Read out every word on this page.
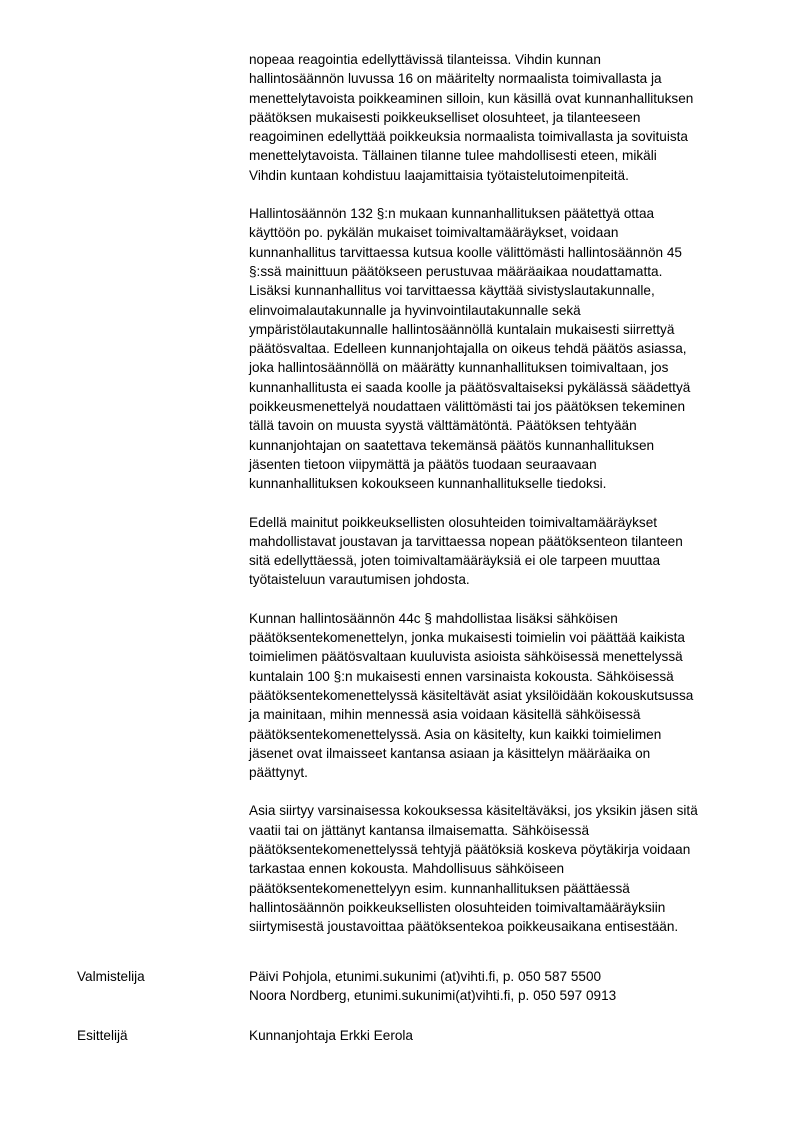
nopeaa reagointia edellyttävissä tilanteissa. Vihdin kunnan
hallintosäännön luvussa 16 on määritelty normaalista toimivallasta ja
menettelytavoista poikkeaminen silloin, kun käsillä ovat kunnanhallituksen
päätöksen mukaisesti poikkeukselliset olosuhteet, ja tilanteeseen
reagoiminen edellyttää poikkeuksia normaalista toimivallasta ja sovituista
menettelytavoista. Tällainen tilanne tulee mahdollisesti eteen, mikäli
Vihdin kuntaan kohdistuu laajamittaisia työtaistelutoimenpiteitä.
Hallintosäännön 132 §:n mukaan kunnanhallituksen päätettyä ottaa
käyttöön po. pykälän mukaiset toimivaltamääräykset, voidaan
kunnanhallitus tarvittaessa kutsua koolle välittömästi hallintosäännön 45
§:ssä mainittuun päätökseen perustuvaa määräaikaa noudattamatta.
Lisäksi kunnanhallitus voi tarvittaessa käyttää sivistyslautakunnalle,
elinvoimalautakunnalle ja hyvinvointilautakunnalle sekä
ympäristölautakunnalle hallintosäännöllä kuntalain mukaisesti siirrettyä
päätösvaltaa. Edelleen kunnanjohtajalla on oikeus tehdä päätös asiassa,
joka hallintosäännöllä on määrätty kunnanhallituksen toimivaltaan, jos
kunnanhallitusta ei saada koolle ja päätösvaltaiseksi pykälässä säädettyä
poikkeusmenettelyä noudattaen välittömästi tai jos päätöksen tekeminen
tällä tavoin on muusta syystä välttämätöntä. Päätöksen tehtyään
kunnanjohtajan on saatettava tekemänsä päätös kunnanhallituksen
jäsenten tietoon viipymättä ja päätös tuodaan seuraavaan
kunnanhallituksen kokoukseen kunnanhallitukselle tiedoksi.
Edellä mainitut poikkeuksellisten olosuhteiden toimivaltamääräykset
mahdollistavat joustavan ja tarvittaessa nopean päätöksenteon tilanteen
sitä edellyttäessä, joten toimivaltamääräyksiä ei ole tarpeen muuttaa
työtaisteluun varautumisen johdosta.
Kunnan hallintosäännön 44c § mahdollistaa lisäksi sähköisen
päätöksentekomenettelyn, jonka mukaisesti toimielin voi päättää kaikista
toimielimen päätösvaltaan kuuluvista asioista sähköisessä menettelyssä
kuntalain 100 §:n mukaisesti ennen varsinaista kokousta. Sähköisessä
päätöksentekomenettelyssä käsiteltävät asiat yksilöidään kokouskutsussa
ja mainitaan, mihin mennessä asia voidaan käsitellä sähköisessä
päätöksentekomenettelyssä. Asia on käsitelty, kun kaikki toimielimen
jäsenet ovat ilmaisseet kantansa asiaan ja käsittelyn määräaika on
päättynyt.
Asia siirtyy varsinaisessa kokouksessa käsiteltäväksi, jos yksikin jäsen sitä
vaatii tai on jättänyt kantansa ilmaisematta. Sähköisessä
päätöksentekomenettelyssä tehtyjä päätöksiä koskeva pöytäkirja voidaan
tarkastaa ennen kokousta. Mahdollisuus sähköiseen
päätöksentekomenettelyyn esim. kunnanhallituksen päättäessä
hallintosäännön poikkeuksellisten olosuhteiden toimivaltamääräyksiin
siirtymisestä joustavoittaa päätöksentekoa poikkeusaikana entisestään.
Valmistelija	Päivi Pohjola, etunimi.sukunimi (at)vihti.fi, p. 050 587 5500
Noora Nordberg, etunimi.sukunimi(at)vihti.fi, p. 050 597 0913
Esittelijä	Kunnanjohtaja Erkki Eerola
